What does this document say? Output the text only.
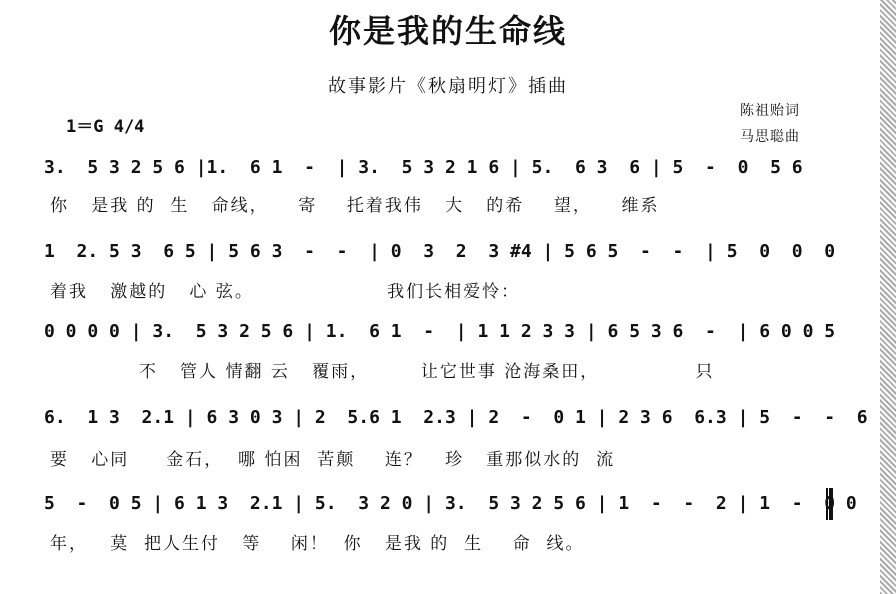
你是我的生命线
故事影片《秋扇明灯》插曲
1＝G 4/4
陈祖贻词
马思聪曲
3.  5 3 2 5 6 |1.  6 1  -  | 3.  5 3 2 1 6 | 5.  6 3  6 | 5  -  0  5 6
你   是我 的  生   命线，    寄    托着我伟   大   的希    望，    维系
1  2. 5 3  6 5 | 5 6 3  -  -  | 0  3  2  3 #4 | 5 6 5  -  -  | 5  0  0  0
着我   激越的   心 弦。                  我们长相爱怜：
0 0 0 0 | 3.  5 3 2 5 6 | 1.  6 1  -  | 1 1 2 3 3 | 6 5 3 6  -  | 6 0 0 5
不   管人 情翻 云   覆雨，       让它世事 沧海桑田，             只
6.  1 3  2.1 | 6 3 0 3 | 2  5.6 1  2.3 | 2  -  0 1 | 2 3 6  6.3 | 5  -  -  6
要   心同     金石，  哪 怕困  苦颠    连？   珍   重那似水的  流
5  -  0 5 | 6 1 3  2.1 | 5.  3 2 0 | 3.  5 3 2 5 6 | 1  -  -  2 | 1  -  0 0
年，   莫  把人生付   等    闲！  你   是我 的  生    命  线。
